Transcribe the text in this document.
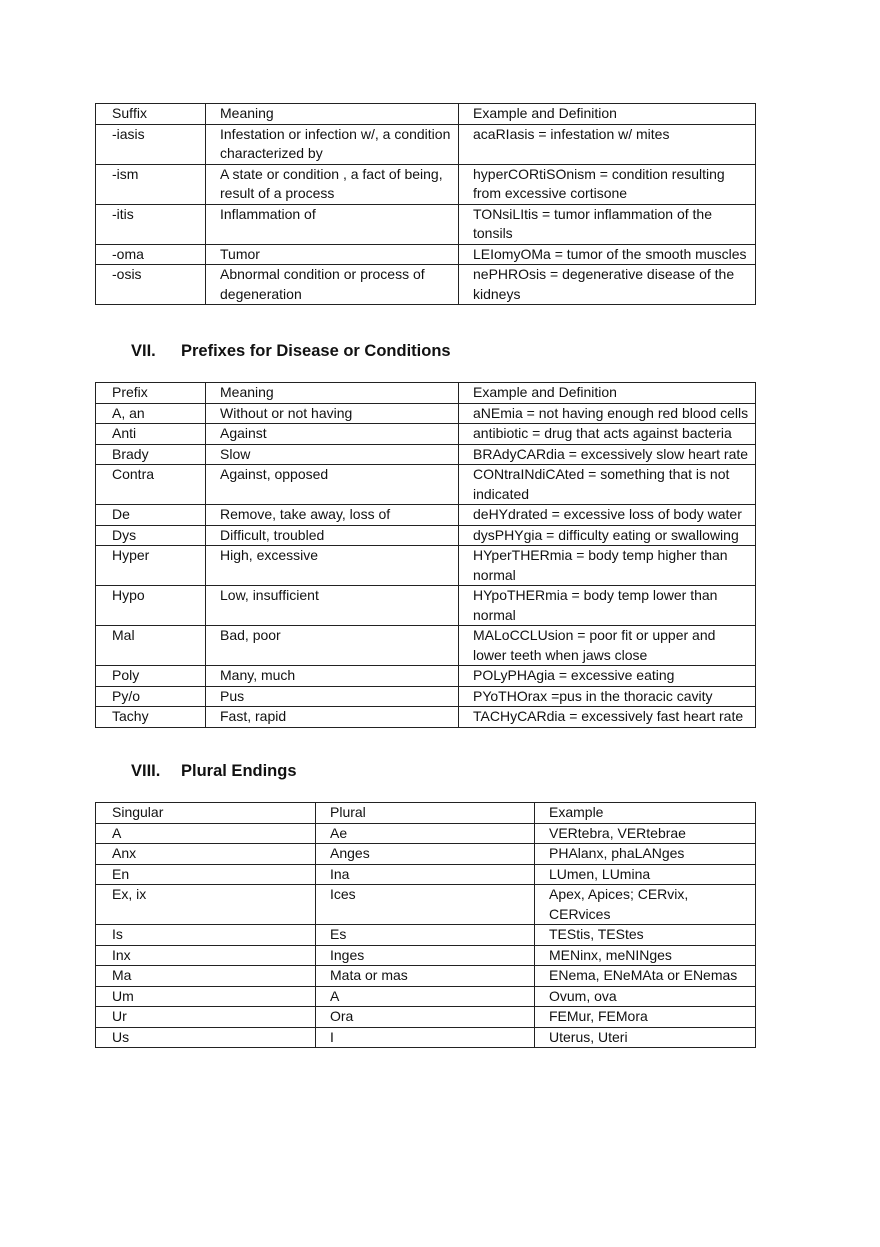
Sufﬁx	Meaning	Example and Definition
-iasis	Infestation or infection w/, a condition characterized by	acaRIasis = infestation w/ mites
-ism	A state or condition , a fact of being, result of a process	hyperCORtiSOnism = condition resulting from excessive cortisone
-itis	Inflammation of	TONsiLItis = tumor inflammation of the tonsils
-oma	Tumor	LEIomyOMa = tumor of the smooth muscles
-osis	Abnormal condition or process of degeneration	nePHROsis = degenerative disease of the kidneys
VII. Prefixes for Disease or Conditions
Prefix	Meaning	Example and Definition
A, an	Without or not having	aNEmia = not having enough red blood cells
Anti	Against	antibiotic = drug that acts against bacteria
Brady	Slow	BRAdyCARdia = excessively slow heart rate
Contra	Against, opposed	CONtraINdiCAted = something that is not indicated
De	Remove, take away, loss of	deHYdrated = excessive loss of body water
Dys	Difﬁcult, troubled	dysPHYgia = difﬁculty eating or swallowing
Hyper	High, excessive	HYperTHERmia = body temp higher than normal
Hypo	Low, insufﬁcient	HYpoTHERmia = body temp lower than normal
Mal	Bad, poor	MALoCCLUsion = poor fit or upper and lower teeth when jaws close
Poly	Many, much	POLyPHAgia = excessive eating
Py/o	Pus	PYoTHOrax =pus in the thoracic cavity
Tachy	Fast, rapid	TACHyCARdia = excessively fast heart rate
VIII. Plural Endings
Singular	Plural	Example
A	Ae	VERtebra, VERtebrae
Anx	Anges	PHAlanx, phaLANges
En	Ina	LUmen, LUmina
Ex, ix	Ices	Apex, Apices; CERvix, CERvices
Is	Es	TEStis, TEStes
Inx	Inges	MENinx, meNINges
Ma	Mata or mas	ENema, ENeMAta or ENemas
Um	A	Ovum, ova
Ur	Ora	FEMur, FEMora
Us	I	Uterus, Uteri
